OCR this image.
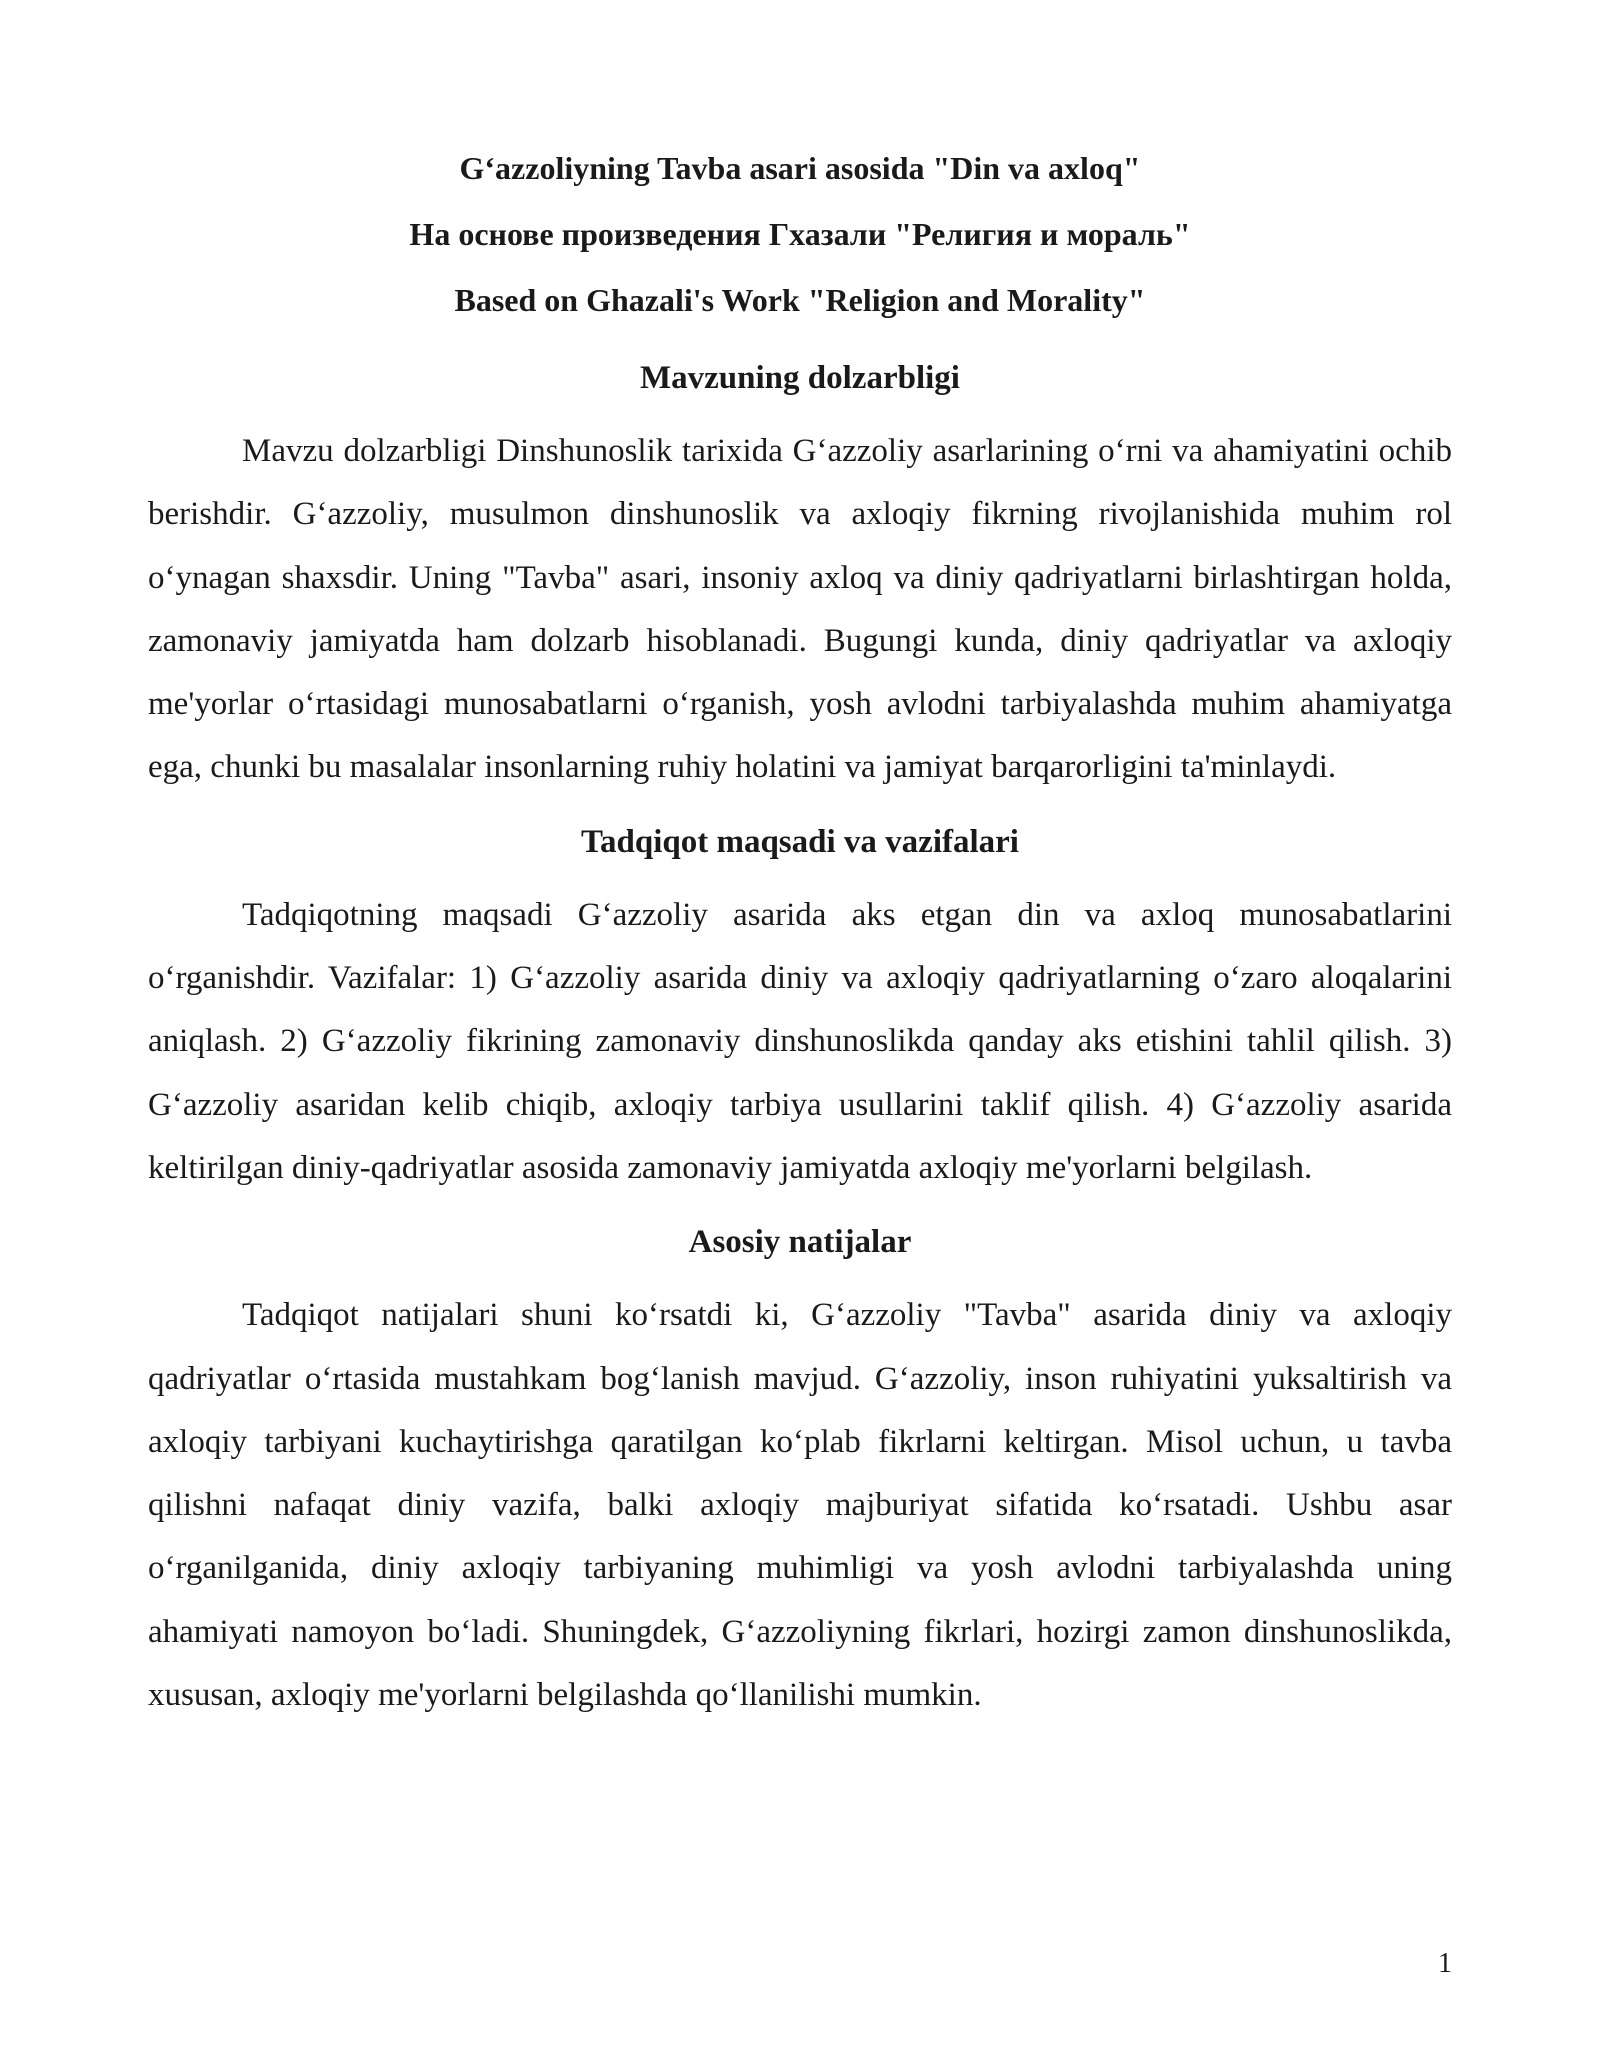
G‘azzoliyning Tavba asari asosida "Din va axloq"
На основе произведения Гхазали "Религия и мораль"
Based on Ghazali's Work "Religion and Morality"
Mavzuning dolzarbligi

Mavzu dolzarbligi Dinshunoslik tarixida G‘azzoliy asarlarining o‘rni va ahamiyatini ochib berishdir. G‘azzoliy, musulmon dinshunoslik va axloqiy fikrning rivojlanishida muhim rol o‘ynagan shaxsdir. Uning "Tavba" asari, insoniy axloq va diniy qadriyatlarni birlashtirgan holda, zamonaviy jamiyatda ham dolzarb hisoblanadi. Bugungi kunda, diniy qadriyatlar va axloqiy me'yorlar o‘rtasidagi munosabatlarni o‘rganish, yosh avlodni tarbiyalashda muhim ahamiyatga ega, chunki bu masalalar insonlarning ruhiy holatini va jamiyat barqarorligini ta'minlaydi.

Tadqiqot maqsadi va vazifalari

Tadqiqotning maqsadi G‘azzoliy asarida aks etgan din va axloq munosabatlarini o‘rganishdir. Vazifalar: 1) G‘azzoliy asarida diniy va axloqiy qadriyatlarning o‘zaro aloqalarini aniqlash. 2) G‘azzoliy fikrining zamonaviy dinshunoslikda qanday aks etishini tahlil qilish. 3) G‘azzoliy asaridan kelib chiqib, axloqiy tarbiya usullarini taklif qilish. 4) G‘azzoliy asarida keltirilgan diniy-qadriyatlar asosida zamonaviy jamiyatda axloqiy me'yorlarni belgilash.

Asosiy natijalar

Tadqiqot natijalari shuni ko‘rsatdi ki, G‘azzoliy "Tavba" asarida diniy va axloqiy qadriyatlar o‘rtasida mustahkam bog‘lanish mavjud. G‘azzoliy, inson ruhiyatini yuksaltirish va axloqiy tarbiyani kuchaytirishga qaratilgan ko‘plab fikrlarni keltirgan. Misol uchun, u tavba qilishni nafaqat diniy vazifa, balki axloqiy majburiyat sifatida ko‘rsatadi. Ushbu asar o‘rganilganida, diniy axloqiy tarbiyaning muhimligi va yosh avlodni tarbiyalashda uning ahamiyati namoyon bo‘ladi. Shuningdek, G‘azzoliyning fikrlari, hozirgi zamon dinshunoslikda, xususan, axloqiy me'yorlarni belgilashda qo‘llanilishi mumkin.

1
